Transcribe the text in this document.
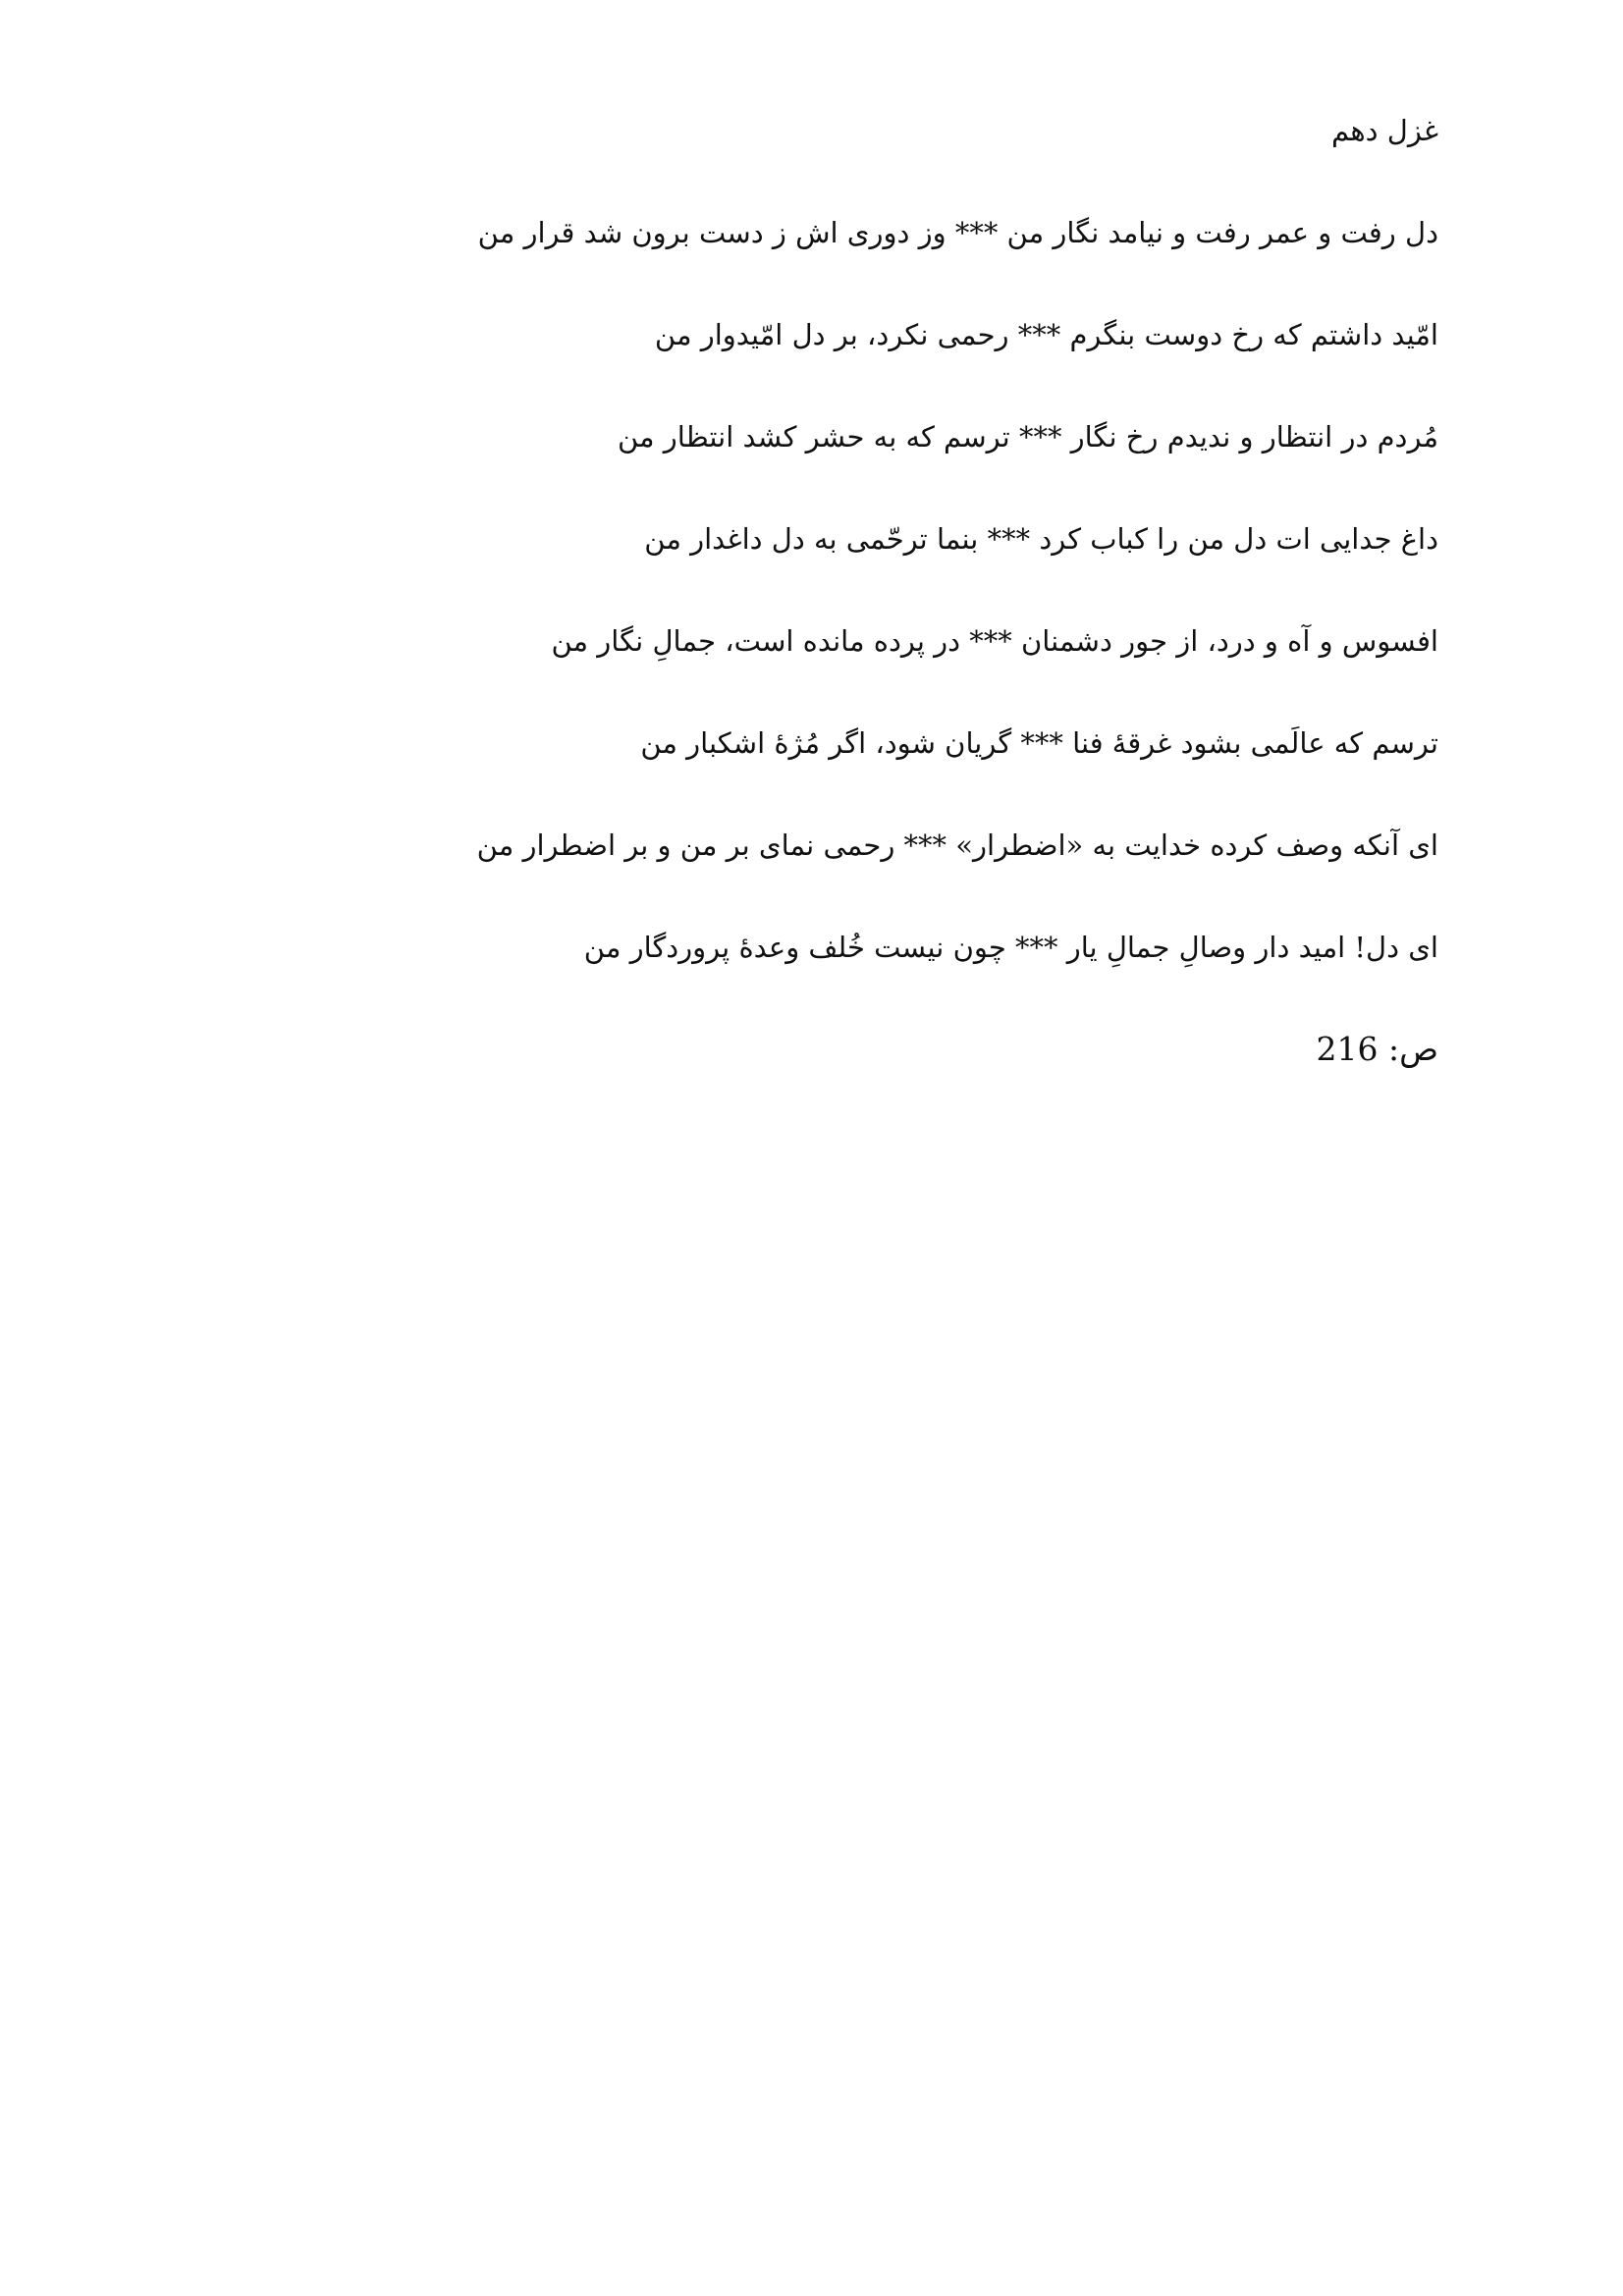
غزل دهم
دل رفت و عمر رفت و نیامد نگار من *** وز دوری اش ز دست برون شد قرار من
امّید داشتم که رخ دوست بنگرم *** رحمی نکرد، بر دل امّیدوار من
مُردم در انتظار و ندیدم رخ نگار *** ترسم که به حشر کشد انتظار من
داغ جدایی ات دل من را کباب کرد *** بنما ترحّمی به دل داغدار من
افسوس و آه و درد، از جور دشمنان *** در پرده مانده است، جمالِ نگار من
ترسم که عالَمی بشود غرقهٔ فنا *** گریان شود، اگر مُژهٔ اشکبار من
ای آنکه وصف کرده خدایت به «اضطرار» *** رحمی نمای بر من و بر اضطرار من
ای دل! امید دار وصالِ جمالِ یار *** چون نیست خُلف وعدهٔ پروردگار من
ص: 216
